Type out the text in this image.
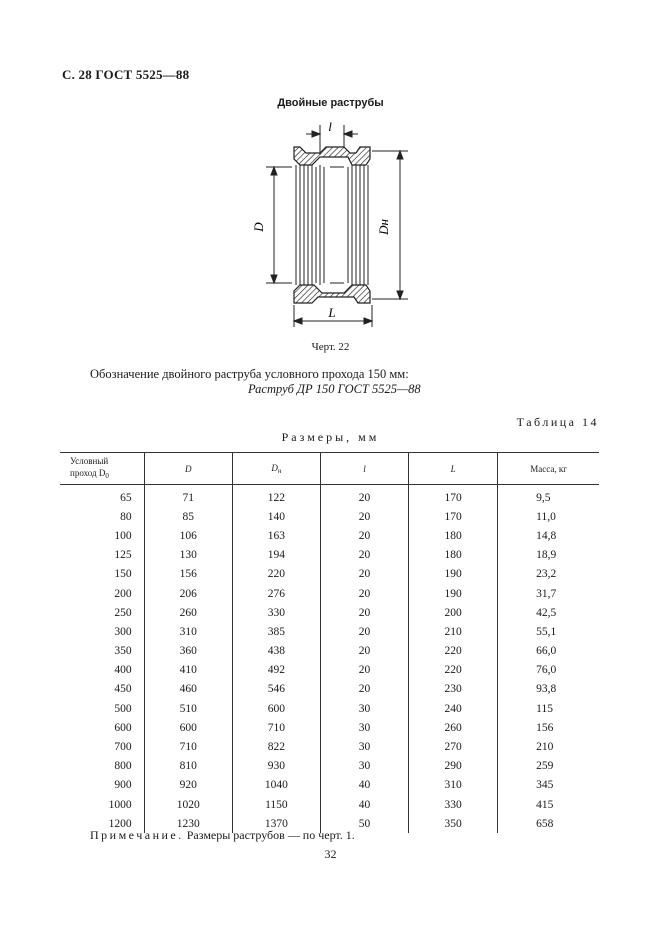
С. 28 ГОСТ 5525—88
Двойные раструбы
l
D	Dн
L
Черт. 22
Обозначение двойного раструба условного прохода 150 мм:
Раструб ДР 150 ГОСТ 5525—88
Таблица 14
Размеры, мм
Условный
проход $D_0$	D	$D_н$	l	L	Масса, кг
65	71	122	20	170	9,5
80	85	140	20	170	11,0
100	106	163	20	180	14,8
125	130	194	20	180	18,9
150	156	220	20	190	23,2
200	206	276	20	190	31,7
250	260	330	20	200	42,5
300	310	385	20	210	55,1
350	360	438	20	220	66,0
400	410	492	20	220	76,0
450	460	546	20	230	93,8
500	510	600	30	240	115
600	600	710	30	260	156
700	710	822	30	270	210
800	810	930	30	290	259
900	920	1040	40	310	345
1000	1020	1150	40	330	415
1200	1230	1370	50	350	658
Примечание. Размеры раструбов — по черт. 1.
32
